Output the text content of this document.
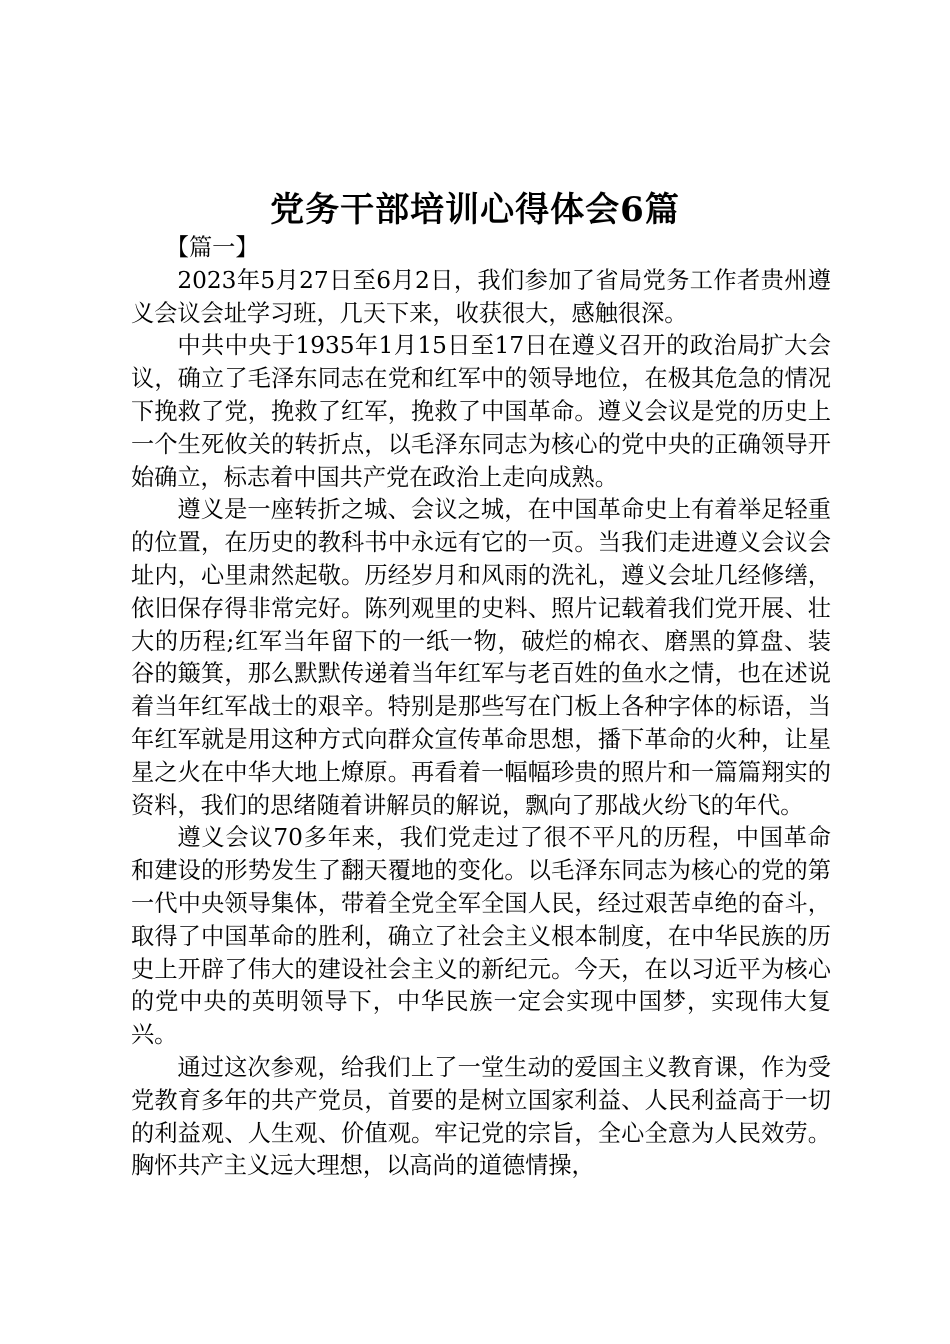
党务干部培训心得体会6篇

【篇一】

2023年5月27日至6月2日，我们参加了省局党务工作者贵州遵义会议会址学习班，几天下来，收获很大，感触很深。

中共中央于1935年1月15日至17日在遵义召开的政治局扩大会议，确立了毛泽东同志在党和红军中的领导地位，在极其危急的情况下挽救了党，挽救了红军，挽救了中国革命。遵义会议是党的历史上一个生死攸关的转折点，以毛泽东同志为核心的党中央的正确领导开始确立，标志着中国共产党在政治上走向成熟。

遵义是一座转折之城、会议之城，在中国革命史上有着举足轻重的位置，在历史的教科书中永远有它的一页。当我们走进遵义会议会址内，心里肃然起敬。历经岁月和风雨的洗礼，遵义会址几经修缮，依旧保存得非常完好。陈列观里的史料、照片记载着我们党开展、壮大的历程;红军当年留下的一纸一物，破烂的棉衣、磨黑的算盘、装谷的簸箕，那么默默传递着当年红军与老百姓的鱼水之情，也在述说着当年红军战士的艰辛。特别是那些写在门板上各种字体的标语，当年红军就是用这种方式向群众宣传革命思想，播下革命的火种，让星星之火在中华大地上燎原。再看着一幅幅珍贵的照片和一篇篇翔实的资料，我们的思绪随着讲解员的解说，飘向了那战火纷飞的年代。

遵义会议70多年来，我们党走过了很不平凡的历程，中国革命和建设的形势发生了翻天覆地的变化。以毛泽东同志为核心的党的第一代中央领导集体，带着全党全军全国人民，经过艰苦卓绝的奋斗，取得了中国革命的胜利，确立了社会主义根本制度，在中华民族的历史上开辟了伟大的建设社会主义的新纪元。今天，在以习近平为核心的党中央的英明领导下，中华民族一定会实现中国梦，实现伟大复兴。

通过这次参观，给我们上了一堂生动的爱国主义教育课，作为受党教育多年的共产党员，首要的是树立国家利益、人民利益高于一切的利益观、人生观、价值观。牢记党的宗旨，全心全意为人民效劳。胸怀共产主义远大理想，以高尚的道德情操，
